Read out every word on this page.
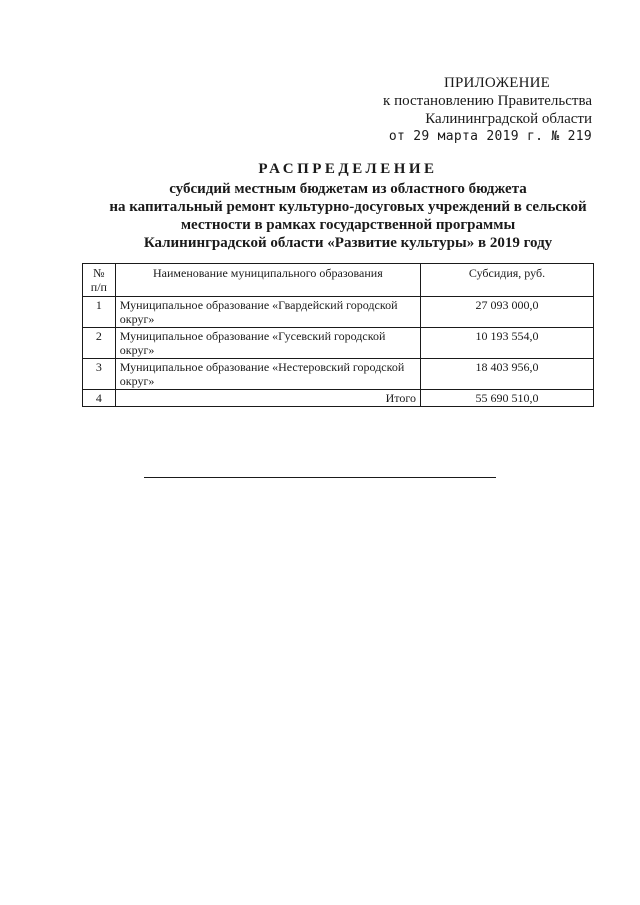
ПРИЛОЖЕНИЕ
к постановлению Правительства
Калининградской области
от 29 марта 2019 г. № 219
РАСПРЕДЕЛЕНИЕ
субсидий местным бюджетам из областного бюджета
на капитальный ремонт культурно-досуговых учреждений в сельской
местности в рамках государственной программы
Калининградской области «Развитие культуры» в 2019 году
№ п/п	Наименование муниципального образования	Субсидия, руб.
1	Муниципальное образование «Гвардейский городской округ»	27 093 000,0
2	Муниципальное образование «Гусевский городской округ»	10 193 554,0
3	Муниципальное образование «Нестеровский городской округ»	18 403 956,0
4	Итого	55 690 510,0
